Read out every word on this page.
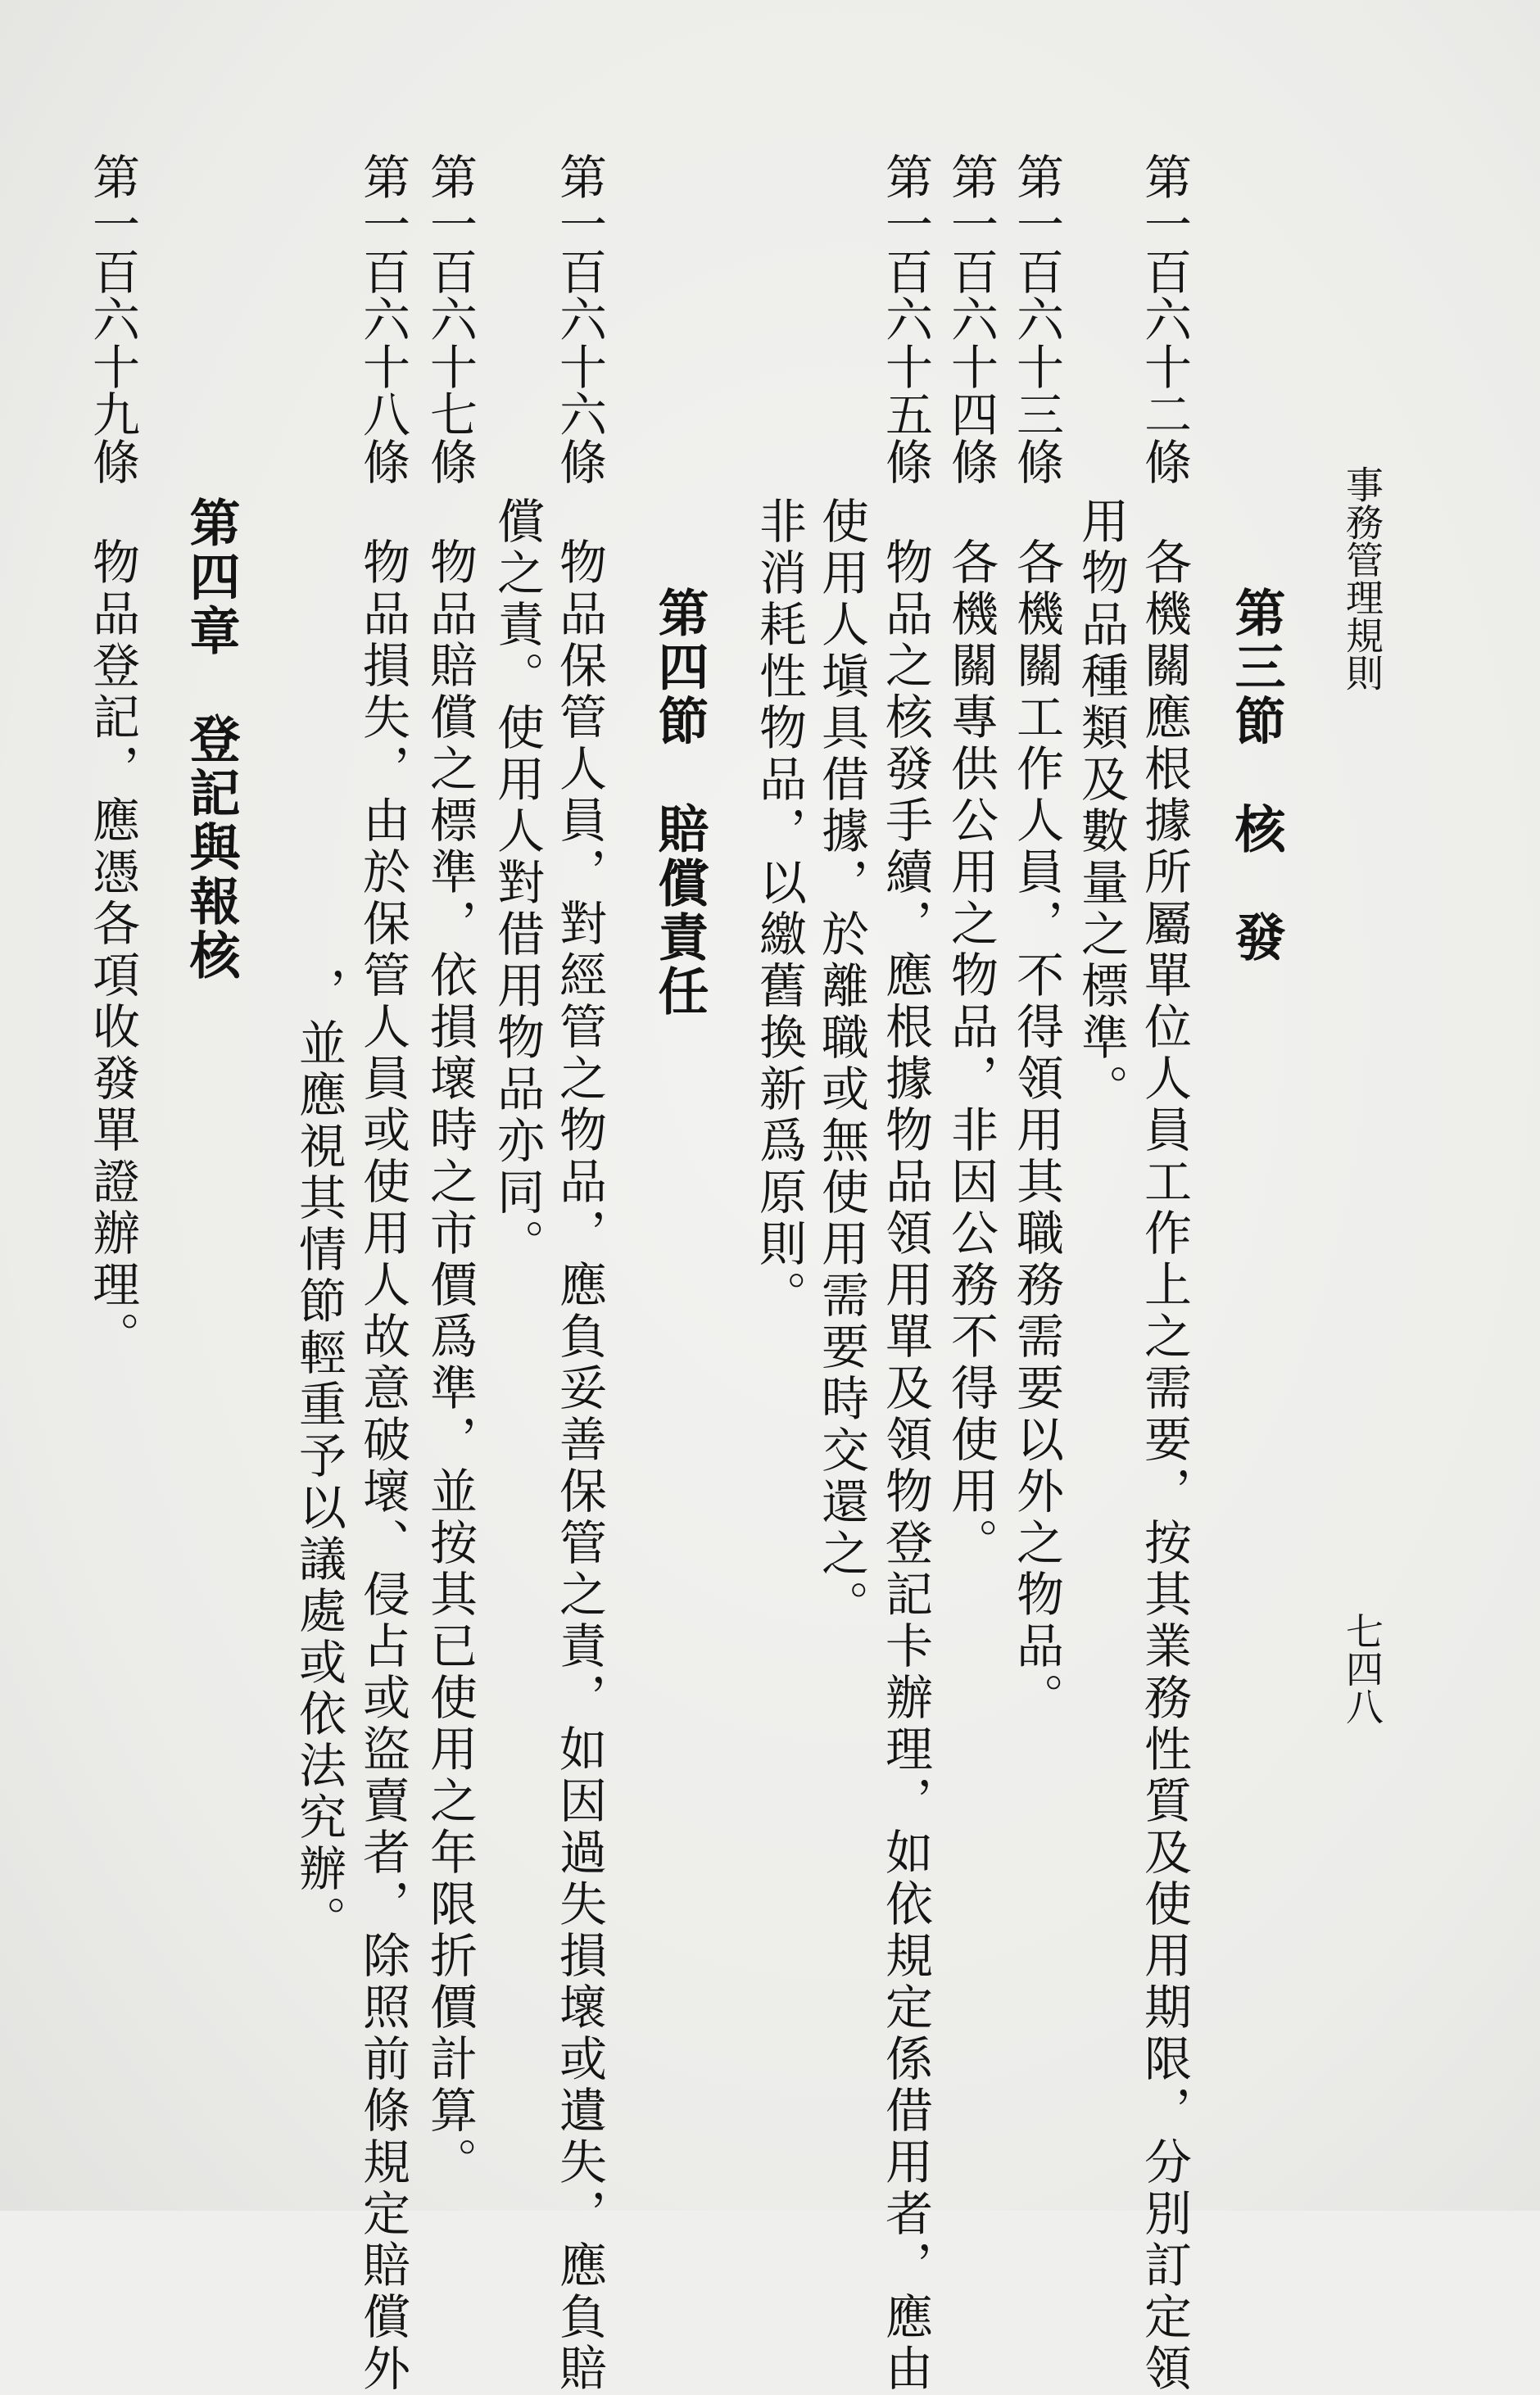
事務管理規則
七四八
第一百六十二條
各機關應根據所屬單位人員工作上之需要，按其業務性質及使用期限，分別訂定領
用物品種類及數量之標準。 第三節　核　發
第一百六十三條
各機關工作人員，不得領用其職務需要以外之物品。
第一百六十四條
各機關專供公用之物品，非因公務不得使用。
第一百六十五條
物品之核發手續，應根據物品領用單及領物登記卡辦理，如依規定係借用者，應由
使用人塡具借據，於離職或無使用需要時交還之。
非消耗性物品，以繳舊換新爲原則。
第四節　賠償責任
第一百六十六條
物品保管人員，對經管之物品，應負妥善保管之責，如因過失損壞或遺失，應負賠
償之責。使用人對借用物品亦同。
第一百六十七條
物品賠償之標準，依損壞時之市價爲準，並按其已使用之年限折價計算。
第一百六十八條
物品損失，由於保管人員或使用人故意破壞、侵占或盜賣者，除照前條規定賠償外
，並應視其情節輕重予以議處或依法究辦。
第四章　登記與報核
第一百六十九條
物品登記，應憑各項收發單證辦理。
